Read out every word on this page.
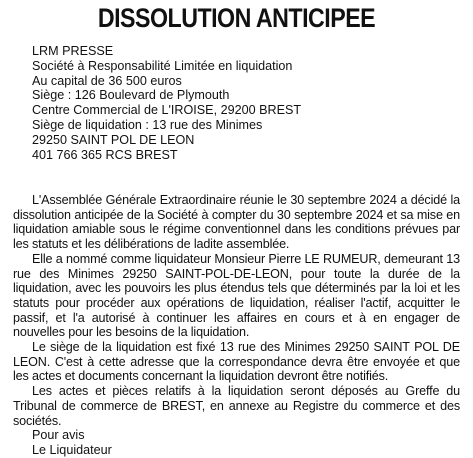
DISSOLUTION ANTICIPEE
LRM PRESSE
Société à Responsabilité Limitée en liquidation
Au capital de 36 500 euros
Siège : 126 Boulevard de Plymouth
Centre Commercial de L'IROISE, 29200 BREST
Siège de liquidation : 13 rue des Minimes
29250 SAINT POL DE LEON
401 766 365 RCS BREST

L'Assemblée Générale Extraordinaire réunie le 30 septembre 2024 a décidé la dissolution anticipée de la Société à compter du 30 septembre 2024 et sa mise en liquidation amiable sous le régime conventionnel dans les conditions prévues par les statuts et les délibérations de ladite assemblée.

Elle a nommé comme liquidateur Monsieur Pierre LE RUMEUR, demeurant 13 rue des Minimes 29250 SAINT-POL-DE-LEON, pour toute la durée de la liquidation, avec les pouvoirs les plus étendus tels que déterminés par la loi et les statuts pour procéder aux opérations de liquidation, réaliser l'actif, acquitter le passif, et l'a autorisé à continuer les affaires en cours et à en engager de nouvelles pour les besoins de la liquidation.

Le siège de la liquidation est fixé 13 rue des Minimes 29250 SAINT POL DE LEON. C'est à cette adresse que la correspondance devra être envoyée et que les actes et documents concernant la liquidation devront être notifiés.

Les actes et pièces relatifs à la liquidation seront déposés au Greffe du Tribunal de commerce de BREST, en annexe au Registre du commerce et des sociétés.

Pour avis
Le Liquidateur
